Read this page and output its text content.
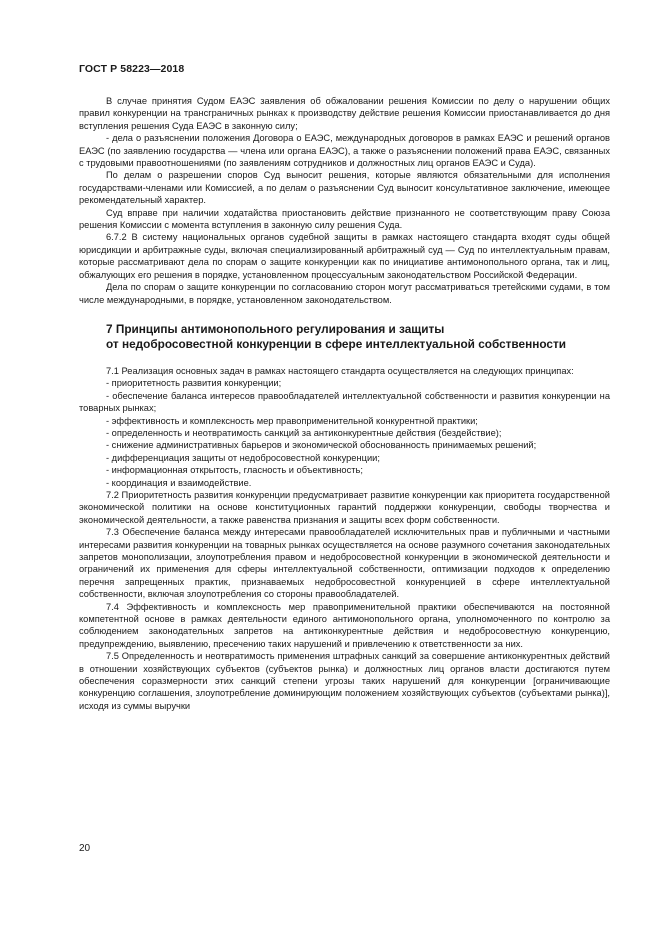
ГОСТ Р 58223—2018

В случае принятия Судом ЕАЭС заявления об обжаловании решения Комиссии по делу о нарушении общих правил конкуренции на трансграничных рынках к производству действие решения Комиссии приостанавливается до дня вступления решения Суда ЕАЭС в законную силу;

- дела о разъяснении положения Договора о ЕАЭС, международных договоров в рамках ЕАЭС и решений органов ЕАЭС (по заявлению государства — члена или органа ЕАЭС), а также о разъяснении положений права ЕАЭС, связанных с трудовыми правоотношениями (по заявлениям сотрудников и должностных лиц органов ЕАЭС и Суда).

По делам о разрешении споров Суд выносит решения, которые являются обязательными для исполнения государствами-членами или Комиссией, а по делам о разъяснении Суд выносит консультативное заключение, имеющее рекомендательный характер.

Суд вправе при наличии ходатайства приостановить действие признанного не соответствующим праву Союза решения Комиссии с момента вступления в законную силу решения Суда.

6.7.2 В систему национальных органов судебной защиты в рамках настоящего стандарта входят суды общей юрисдикции и арбитражные суды, включая специализированный арбитражный суд — Суд по интеллектуальным правам, которые рассматривают дела по спорам о защите конкуренции как по инициативе антимонопольного органа, так и лиц, обжалующих его решения в порядке, установленном процессуальным законодательством Российской Федерации.

Дела по спорам о защите конкуренции по согласованию сторон могут рассматриваться третейскими судами, в том числе международными, в порядке, установленном законодательством.

7 Принципы антимонопольного регулирования и защиты
от недобросовестной конкуренции в сфере интеллектуальной собственности

7.1 Реализация основных задач в рамках настоящего стандарта осуществляется на следующих принципах:

- приоритетность развития конкуренции;

- обеспечение баланса интересов правообладателей интеллектуальной собственности и развития конкуренции на товарных рынках;

- эффективность и комплексность мер правоприменительной конкурентной практики;

- определенность и неотвратимость санкций за антиконкурентные действия (бездействие);

- снижение административных барьеров и экономической обоснованность принимаемых решений;

- дифференциация защиты от недобросовестной конкуренции;

- информационная открытость, гласность и объективность;

- координация и взаимодействие.

7.2 Приоритетность развития конкуренции предусматривает развитие конкуренции как приоритета государственной экономической политики на основе конституционных гарантий поддержки конкуренции, свободы творчества и экономической деятельности, а также равенства признания и защиты всех форм собственности.

7.3 Обеспечение баланса между интересами правообладателей исключительных прав и публичными и частными интересами развития конкуренции на товарных рынках осуществляется на основе разумного сочетания законодательных запретов монополизации, злоупотребления правом и недобросовестной конкуренции в экономической деятельности и ограничений их применения для сферы интеллектуальной собственности, оптимизации подходов к определению перечня запрещенных практик, признаваемых недобросовестной конкуренцией в сфере интеллектуальной собственности, включая злоупотребления со стороны правообладателей.

7.4 Эффективность и комплексность мер правоприменительной практики обеспечиваются на постоянной компетентной основе в рамках деятельности единого антимонопольного органа, уполномоченного по контролю за соблюдением законодательных запретов на антиконкурентные действия и недобросовестную конкуренцию, предупреждению, выявлению, пресечению таких нарушений и привлечению к ответственности за них.

7.5 Определенность и неотвратимость применения штрафных санкций за совершение антиконкурентных действий в отношении хозяйствующих субъектов (субъектов рынка) и должностных лиц органов власти достигаются путем обеспечения соразмерности этих санкций степени угрозы таких нарушений для конкуренции [ограничивающие конкуренцию соглашения, злоупотребление доминирующим положением хозяйствующих субъектов (субъектами рынка)], исходя из суммы выручки

20
